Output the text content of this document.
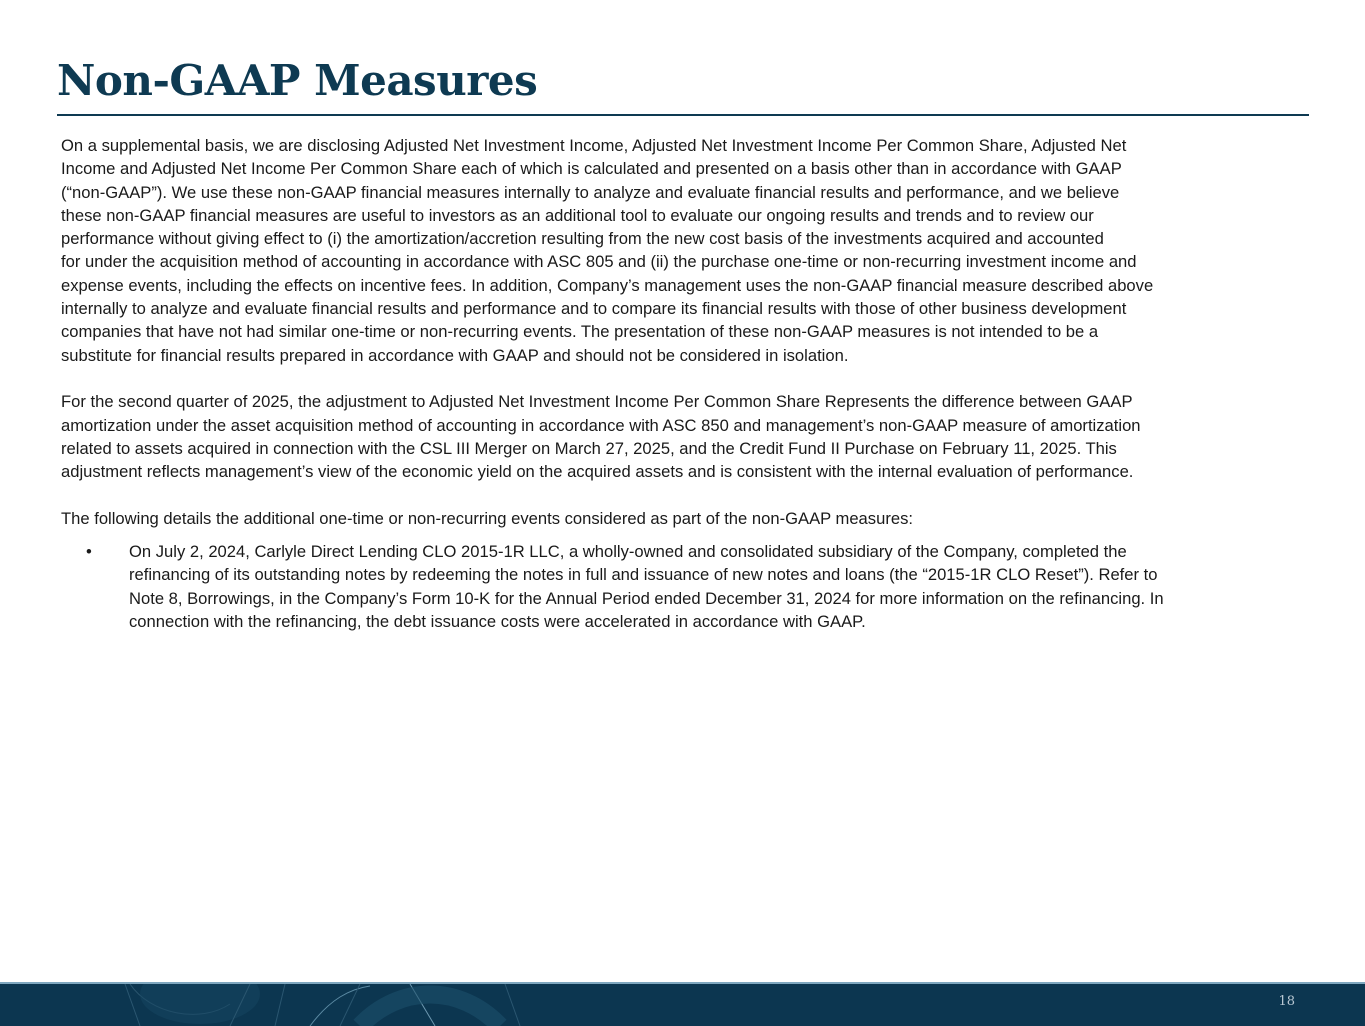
Non-GAAP Measures

On a supplemental basis, we are disclosing Adjusted Net Investment Income, Adjusted Net Investment Income Per Common Share, Adjusted Net
Income and Adjusted Net Income Per Common Share each of which is calculated and presented on a basis other than in accordance with GAAP
(“non-GAAP”). We use these non-GAAP financial measures internally to analyze and evaluate financial results and performance, and we believe
these non-GAAP financial measures are useful to investors as an additional tool to evaluate our ongoing results and trends and to review our
performance without giving effect to (i) the amortization/accretion resulting from the new cost basis of the investments acquired and accounted
for under the acquisition method of accounting in accordance with ASC 805 and (ii) the purchase one-time or non-recurring investment income and
expense events, including the effects on incentive fees. In addition, Company’s management uses the non-GAAP financial measure described above
internally to analyze and evaluate financial results and performance and to compare its financial results with those of other business development
companies that have not had similar one-time or non-recurring events. The presentation of these non-GAAP measures is not intended to be a
substitute for financial results prepared in accordance with GAAP and should not be considered in isolation.

For the second quarter of 2025, the adjustment to Adjusted Net Investment Income Per Common Share Represents the difference between GAAP
amortization under the asset acquisition method of accounting in accordance with ASC 850 and management’s non-GAAP measure of amortization
related to assets acquired in connection with the CSL III Merger on March 27, 2025, and the Credit Fund II Purchase on February 11, 2025. This
adjustment reflects management’s view of the economic yield on the acquired assets and is consistent with the internal evaluation of performance.

The following details the additional one-time or non-recurring events considered as part of the non-GAAP measures:

• On July 2, 2024, Carlyle Direct Lending CLO 2015-1R LLC, a wholly-owned and consolidated subsidiary of the Company, completed the
refinancing of its outstanding notes by redeeming the notes in full and issuance of new notes and loans (the “2015-1R CLO Reset”). Refer to
Note 8, Borrowings, in the Company’s Form 10-K for the Annual Period ended December 31, 2024 for more information on the refinancing. In
connection with the refinancing, the debt issuance costs were accelerated in accordance with GAAP.
18
